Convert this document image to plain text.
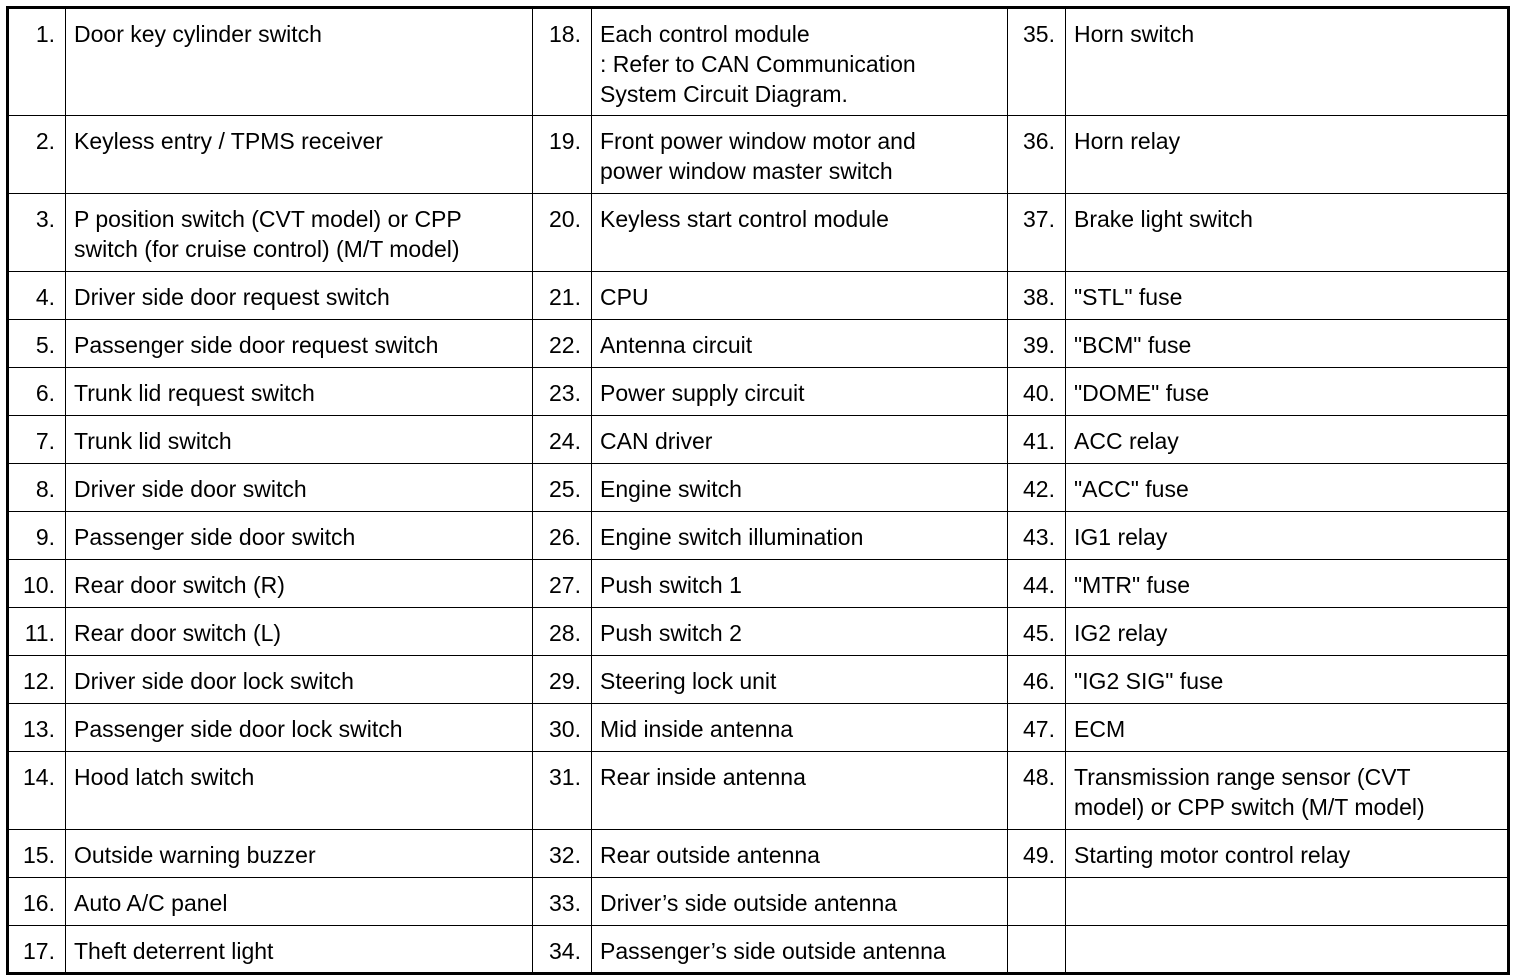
1.	Door key cylinder switch	18.	Each control module
: Refer to CAN Communication
System Circuit Diagram.	35.	Horn switch
2.	Keyless entry / TPMS receiver	19.	Front power window motor and
power window master switch	36.	Horn relay
3.	P position switch (CVT model) or CPP
switch (for cruise control) (M/T model)	20.	Keyless start control module	37.	Brake light switch
4.	Driver side door request switch	21.	CPU	38.	"STL" fuse
5.	Passenger side door request switch	22.	Antenna circuit	39.	"BCM" fuse
6.	Trunk lid request switch	23.	Power supply circuit	40.	"DOME" fuse
7.	Trunk lid switch	24.	CAN driver	41.	ACC relay
8.	Driver side door switch	25.	Engine switch	42.	"ACC" fuse
9.	Passenger side door switch	26.	Engine switch illumination	43.	IG1 relay
10.	Rear door switch (R)	27.	Push switch 1	44.	"MTR" fuse
11.	Rear door switch (L)	28.	Push switch 2	45.	IG2 relay
12.	Driver side door lock switch	29.	Steering lock unit	46.	"IG2 SIG" fuse
13.	Passenger side door lock switch	30.	Mid inside antenna	47.	ECM
14.	Hood latch switch	31.	Rear inside antenna	48.	Transmission range sensor (CVT
model) or CPP switch (M/T model)
15.	Outside warning buzzer	32.	Rear outside antenna	49.	Starting motor control relay
16.	Auto A/C panel	33.	Driver’s side outside antenna		
17.	Theft deterrent light	34.	Passenger’s side outside antenna		
